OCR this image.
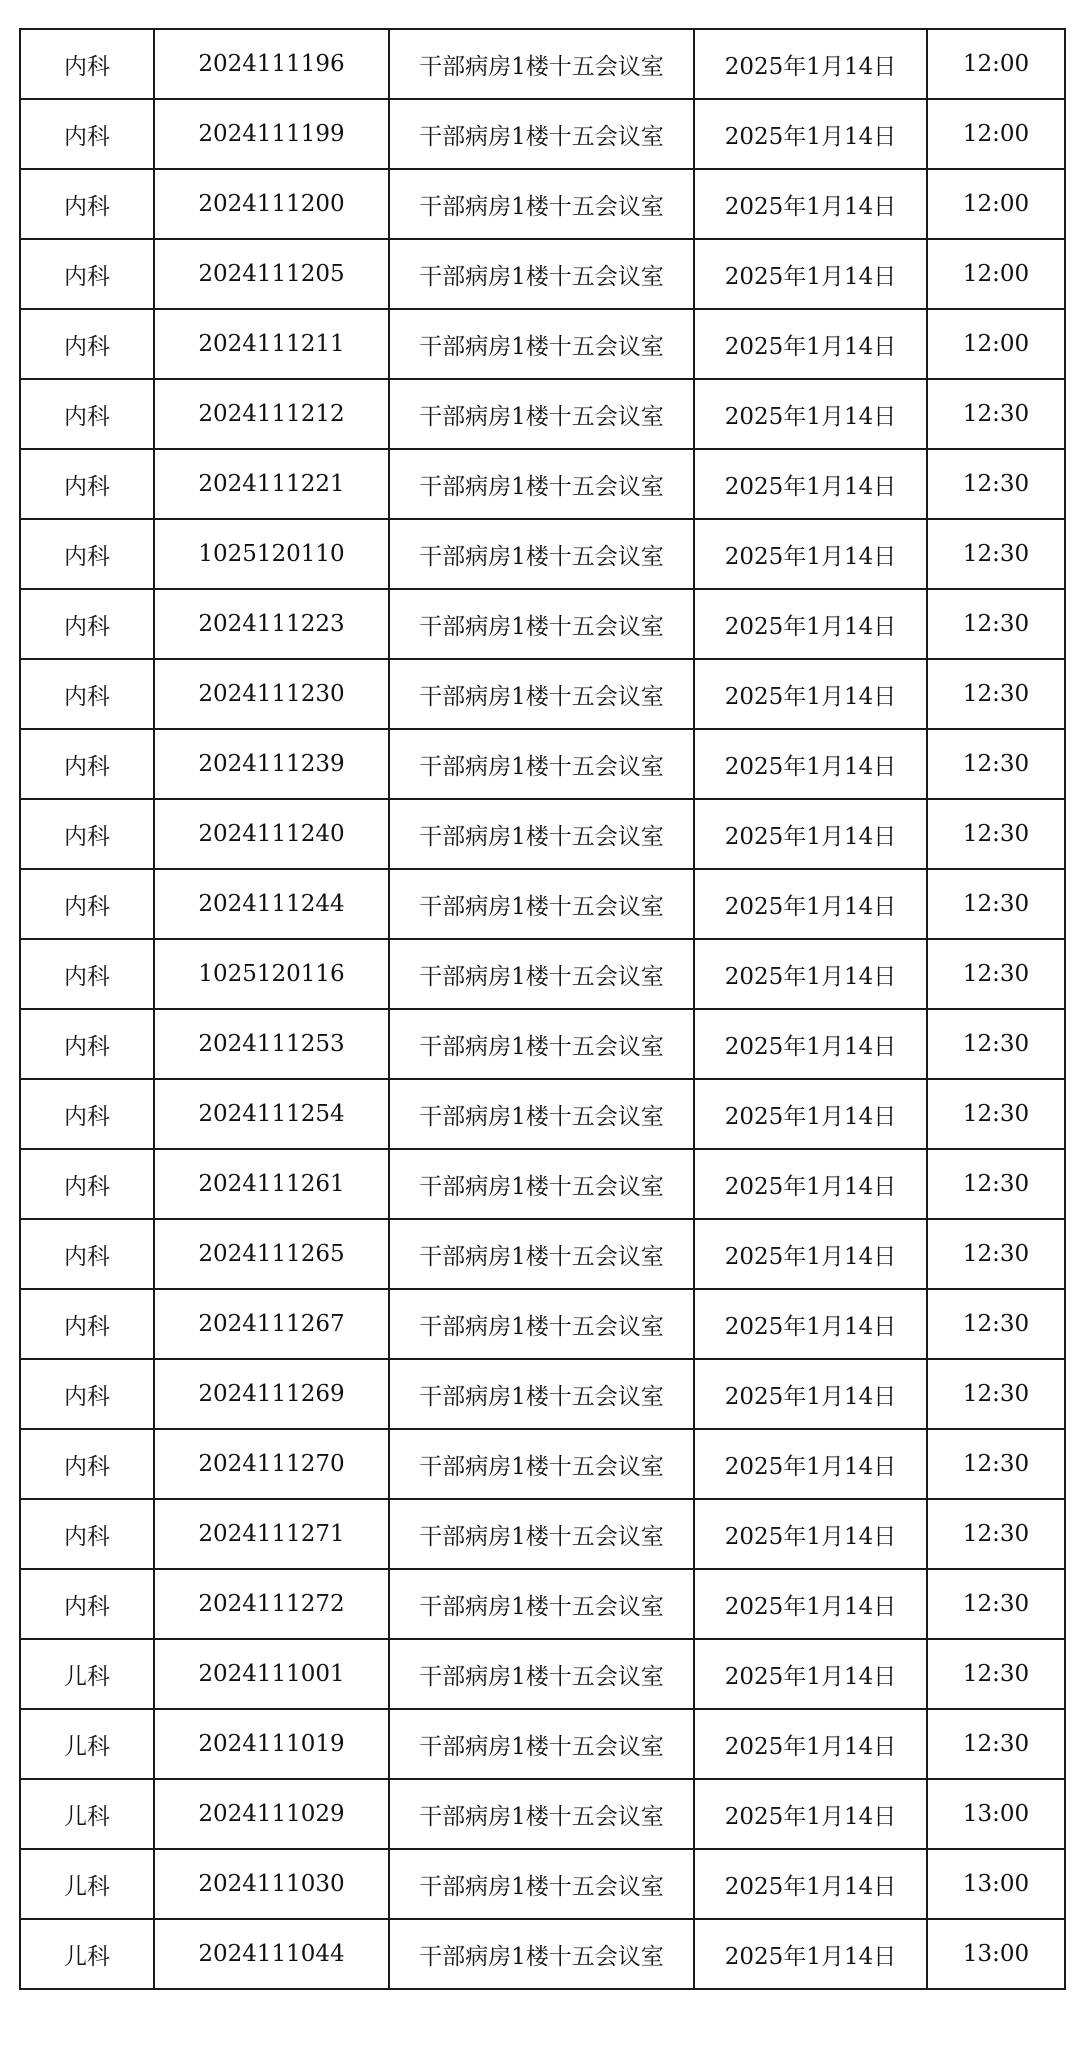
内科	2024111196	干部病房1楼十五会议室	2025年1月14日	12:00
内科	2024111199	干部病房1楼十五会议室	2025年1月14日	12:00
内科	2024111200	干部病房1楼十五会议室	2025年1月14日	12:00
内科	2024111205	干部病房1楼十五会议室	2025年1月14日	12:00
内科	2024111211	干部病房1楼十五会议室	2025年1月14日	12:00
内科	2024111212	干部病房1楼十五会议室	2025年1月14日	12:30
内科	2024111221	干部病房1楼十五会议室	2025年1月14日	12:30
内科	1025120110	干部病房1楼十五会议室	2025年1月14日	12:30
内科	2024111223	干部病房1楼十五会议室	2025年1月14日	12:30
内科	2024111230	干部病房1楼十五会议室	2025年1月14日	12:30
内科	2024111239	干部病房1楼十五会议室	2025年1月14日	12:30
内科	2024111240	干部病房1楼十五会议室	2025年1月14日	12:30
内科	2024111244	干部病房1楼十五会议室	2025年1月14日	12:30
内科	1025120116	干部病房1楼十五会议室	2025年1月14日	12:30
内科	2024111253	干部病房1楼十五会议室	2025年1月14日	12:30
内科	2024111254	干部病房1楼十五会议室	2025年1月14日	12:30
内科	2024111261	干部病房1楼十五会议室	2025年1月14日	12:30
内科	2024111265	干部病房1楼十五会议室	2025年1月14日	12:30
内科	2024111267	干部病房1楼十五会议室	2025年1月14日	12:30
内科	2024111269	干部病房1楼十五会议室	2025年1月14日	12:30
内科	2024111270	干部病房1楼十五会议室	2025年1月14日	12:30
内科	2024111271	干部病房1楼十五会议室	2025年1月14日	12:30
内科	2024111272	干部病房1楼十五会议室	2025年1月14日	12:30
儿科	2024111001	干部病房1楼十五会议室	2025年1月14日	12:30
儿科	2024111019	干部病房1楼十五会议室	2025年1月14日	12:30
儿科	2024111029	干部病房1楼十五会议室	2025年1月14日	13:00
儿科	2024111030	干部病房1楼十五会议室	2025年1月14日	13:00
儿科	2024111044	干部病房1楼十五会议室	2025年1月14日	13:00
